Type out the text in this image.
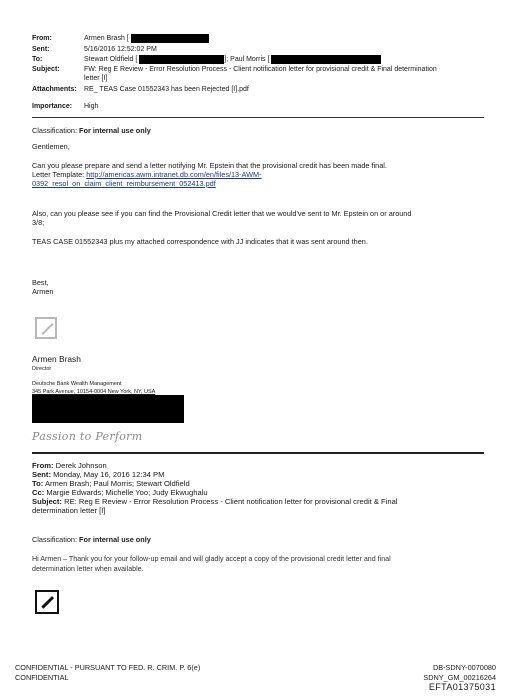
From:	Armen Brash [
Sent:	5/16/2016 12:52:02 PM
To:	Stewart Oldfield [	]; Paul Morris [
Subject:	FW: Reg E Review - Error Resolution Process - Client notification letter for provisional credit & Final determination
letter [I]
Attachments: RE_ TEAS Case 01552343 has been Rejected [I].pdf
Importance: High
Classification: For internal use only
Gentlemen,
Can you please prepare and send a letter notifying Mr. Epstein that the provisional credit has been made final.
Letter Template: http://americas.awm.intranet.db.com/en/files/13-AWM-
0392_resol_on_claim_client_reimbursement_052413.pdf
Also, can you please see if you can find the Provisional Credit letter that we would've sent to Mr. Epstein on or around
3/8;
TEAS CASE 01552343 plus my attached correspondence with JJ indicates that it was sent around then.
Best,
Armen
Armen Brash
Director
Deutsche Bank Wealth Management
345 Park Avenue, 10154-0004 New York, NY, USA
Passion to Perform
From: Derek Johnson
Sent: Monday, May 16, 2016 12:34 PM
To: Armen Brash; Paul Morris; Stewart Oldfield
Cc: Margie Edwards; Michelle Yoo; Judy Ekwughalu
Subject: RE: Reg E Review - Error Resolution Process - Client notification letter for provisional credit & Final
determination letter [I]
Classification: For internal use only
Hi Armen – Thank you for your follow-up email and will gladly accept a copy of the provisional credit letter and final
determination letter when available.
CONFIDENTIAL - PURSUANT TO FED. R. CRIM. P. 6(e)
CONFIDENTIAL
DB-SDNY-0070080
SDNY_GM_00216264
EFTA01375031
